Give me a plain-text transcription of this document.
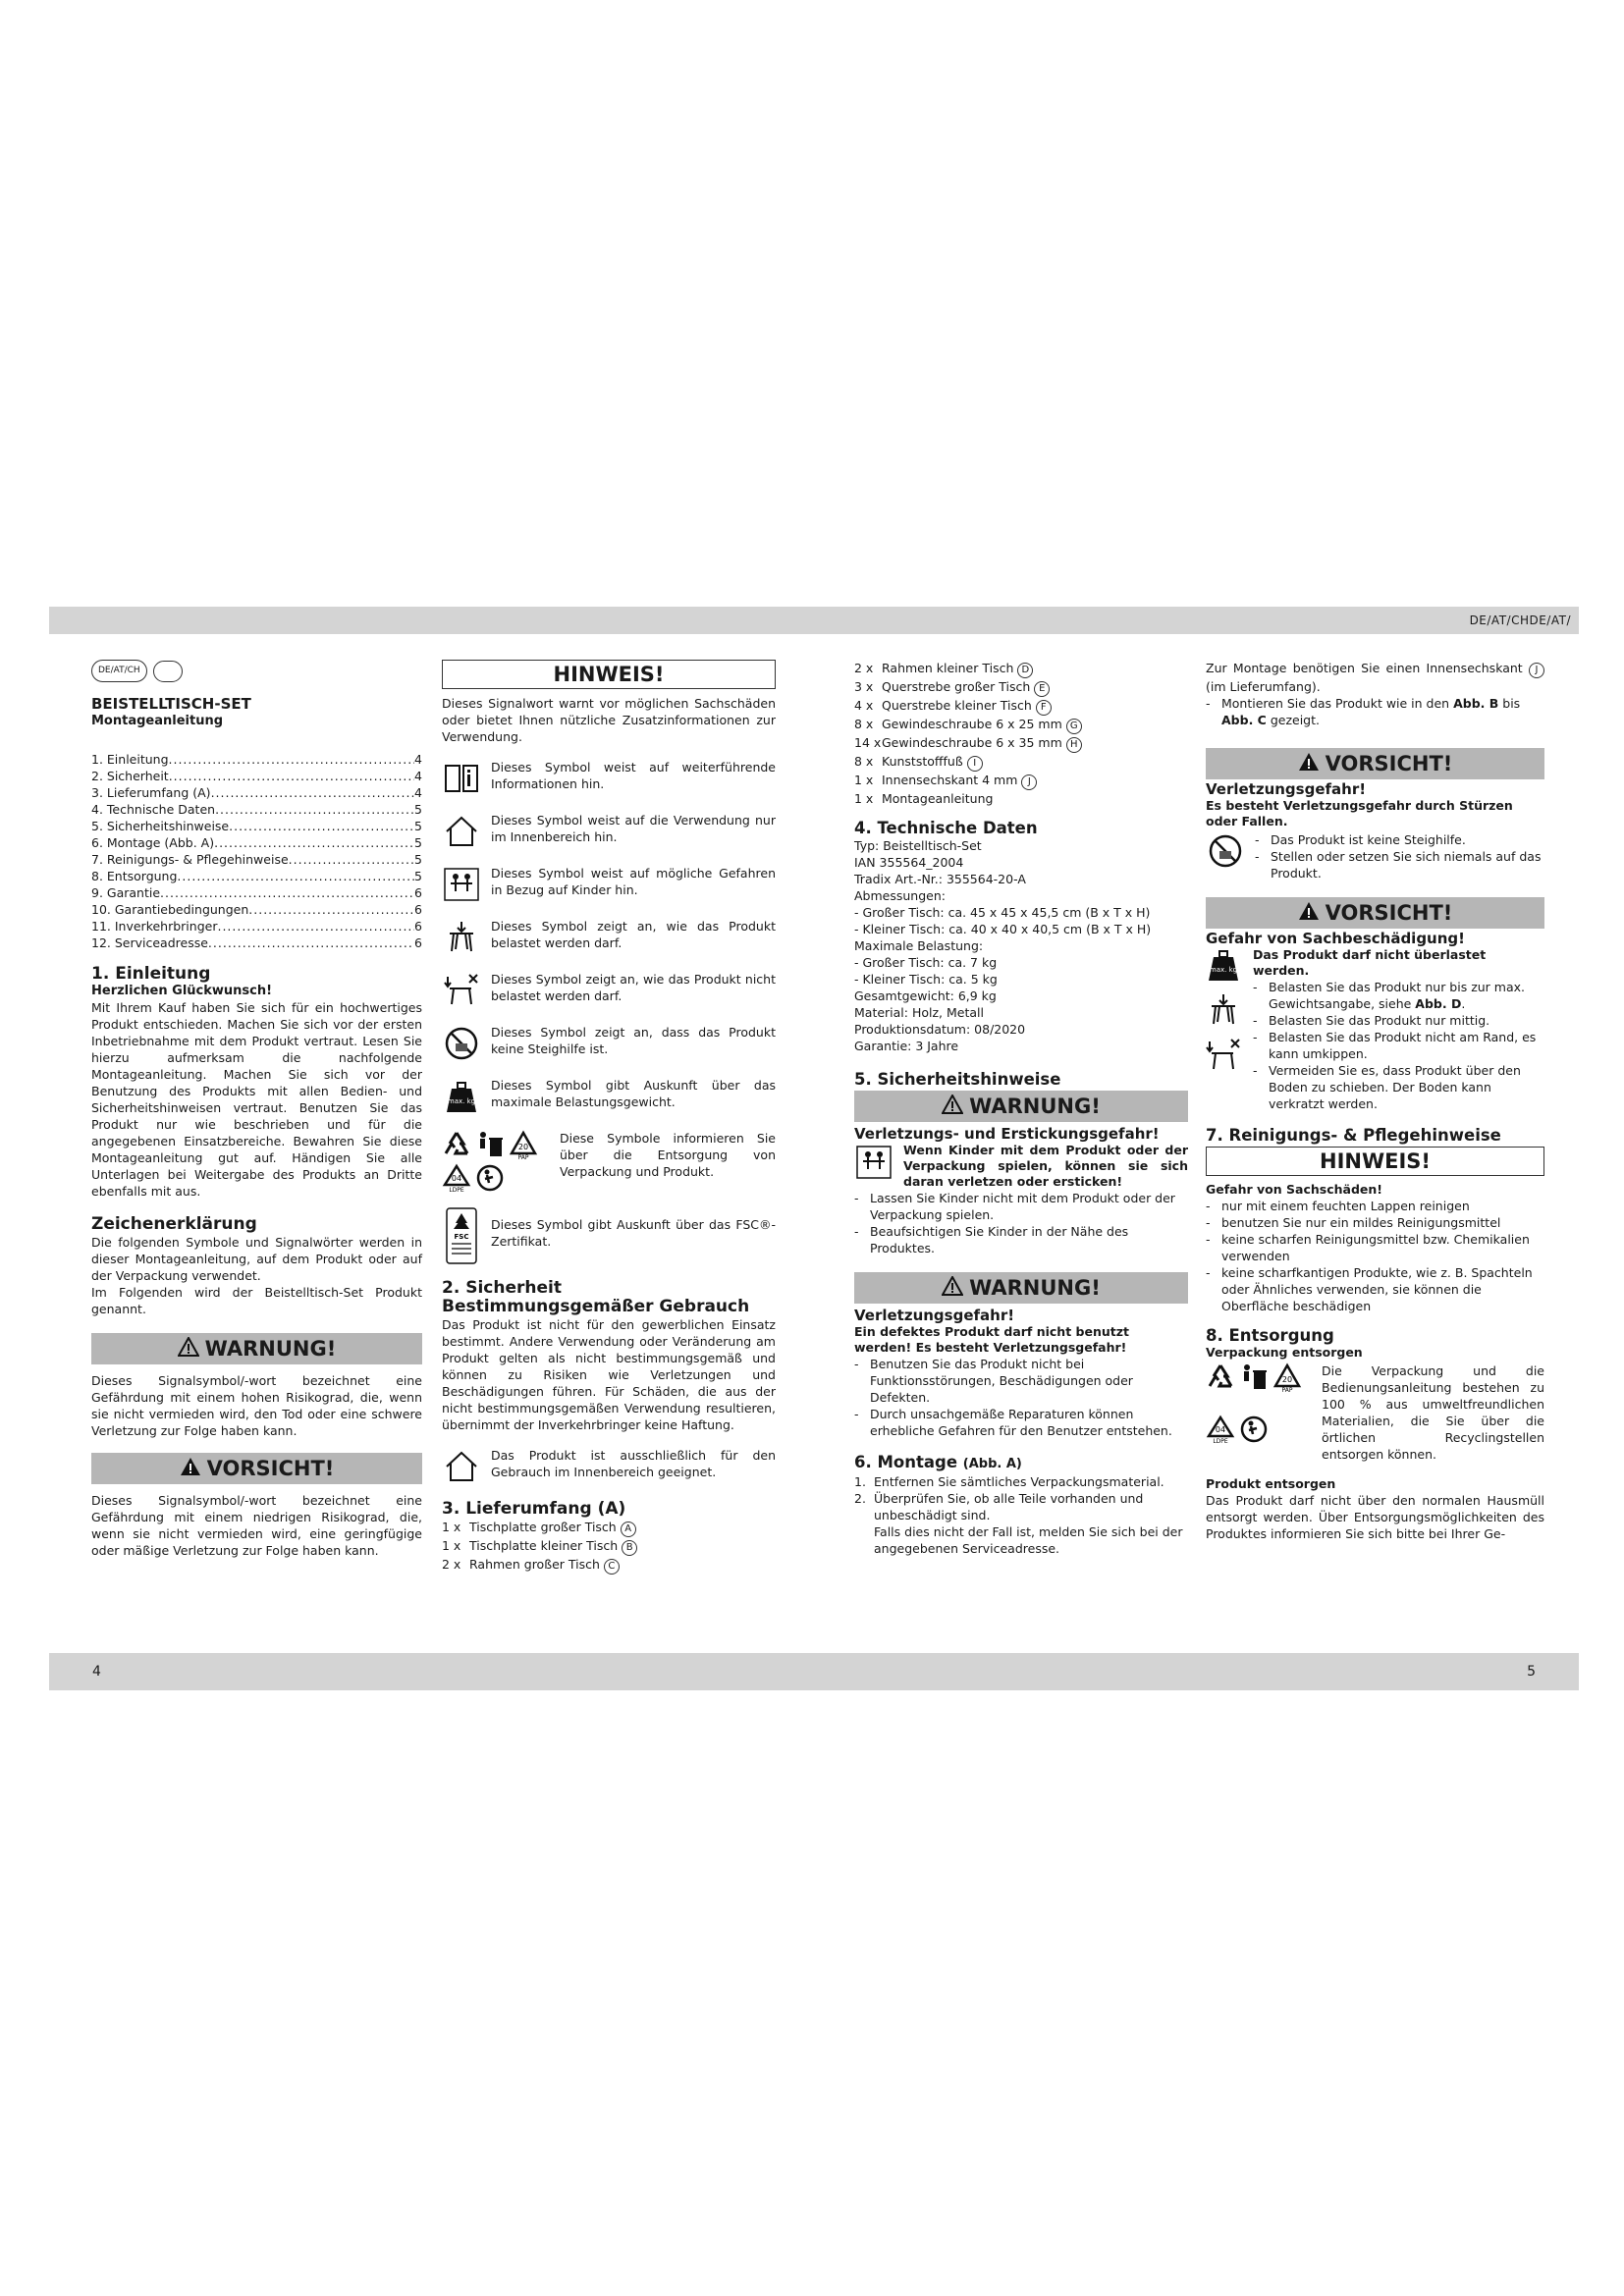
DE/AT/CHDE/AT/
DE/AT/CH
BEISTELLTISCH-SET
Montageanleitung
1. Einleitung .....	4
2. Sicherheit .....	4
3. Lieferumfang (A) .....	4
4. Technische Daten .....	5
5. Sicherheitshinweise .....	5
6. Montage (Abb. A) .....	5
7. Reinigungs- & Pflegehinweise .....	5
8. Entsorgung .....	5
9. Garantie .....	6
10. Garantiebedingungen .....	6
11. Inverkehrbringer .....	6
12. Serviceadresse .....	6
1. Einleitung
Herzlichen Glückwunsch!
Mit Ihrem Kauf haben Sie sich für ein hochwertiges Produkt entschieden. Machen Sie sich vor der ersten Inbetriebnahme mit dem Produkt vertraut. Lesen Sie hierzu aufmerksam die nachfolgende Montageanleitung. Machen Sie sich vor der Benutzung des Produkts mit allen Bedien- und Sicherheitshinweisen vertraut. Benutzen Sie das Produkt nur wie beschrieben und für die angegebenen Einsatzbereiche. Bewahren Sie diese Montageanleitung gut auf. Händigen Sie alle Unterlagen bei Weitergabe des Produkts an Dritte ebenfalls mit aus.
Zeichenerklärung
Die folgenden Symbole und Signalwörter werden in dieser Montageanleitung, auf dem Produkt oder auf der Verpackung verwendet.
Im Folgenden wird der Beistelltisch-Set Produkt genannt.
WARNUNG!
Dieses Signalsymbol/-wort bezeichnet eine Gefährdung mit einem hohen Risikograd, die, wenn sie nicht vermieden wird, den Tod oder eine schwere Verletzung zur Folge haben kann.
VORSICHT!
Dieses Signalsymbol/-wort bezeichnet eine Gefährdung mit einem niedrigen Risikograd, die, wenn sie nicht vermieden wird, eine geringfügige oder mäßige Verletzung zur Folge haben kann.
HINWEIS!
Dieses Signalwort warnt vor möglichen Sachschäden oder bietet Ihnen nützliche Zusatzinformationen zur Verwendung.
Dieses Symbol weist auf weiterführende Informationen hin.
Dieses Symbol weist auf die Verwendung nur im Innenbereich hin.
Dieses Symbol weist auf mögliche Gefahren in Bezug auf Kinder hin.
Dieses Symbol zeigt an, wie das Produkt belastet werden darf.
Dieses Symbol zeigt an, wie das Produkt nicht belastet werden darf.
Dieses Symbol zeigt an, dass das Produkt keine Steighilfe ist.
max. kg
Dieses Symbol gibt Auskunft über das maximale Belastungsgewicht.
20
PAP
04
LDPE
Diese Symbole informieren Sie über die Entsorgung von Verpackung und Produkt.
FSC
Dieses Symbol gibt Auskunft über das FSC®-Zertifikat.
2. Sicherheit
Bestimmungsgemäßer Gebrauch
Das Produkt ist nicht für den gewerblichen Einsatz bestimmt. Andere Verwendung oder Veränderung am Produkt gelten als nicht bestimmungsgemäß und können zu Risiken wie Verletzungen und Beschädigungen führen. Für Schäden, die aus der nicht bestimmungsgemäßen Verwendung resultieren, übernimmt der Inverkehrbringer keine Haftung.
Das Produkt ist ausschließlich für den Gebrauch im Innenbereich geeignet.
3. Lieferumfang (A)
1 x Tischplatte großer Tisch A
1 x Tischplatte kleiner Tisch B
2 x Rahmen großer Tisch C
2 x Rahmen kleiner Tisch D
3 x Querstrebe großer Tisch E
4 x Querstrebe kleiner Tisch F
8 x Gewindeschraube 6 x 25 mm G
14 xGewindeschraube 6 x 35 mm H
8 x Kunststofffuß I
1 x Innensechskant 4 mm J
1 x Montageanleitung
4. Technische Daten
Typ: Beistelltisch-Set
IAN 355564_2004
Tradix Art.-Nr.: 355564-20-A
Abmessungen:
- Großer Tisch: ca. 45 x 45 x 45,5 cm (B x T x H)
- Kleiner Tisch: ca. 40 x 40 x 40,5 cm (B x T x H)
Maximale Belastung:
- Großer Tisch: ca. 7 kg
- Kleiner Tisch: ca. 5 kg
Gesamtgewicht: 6,9 kg
Material: Holz, Metall
Produktionsdatum: 08/2020
Garantie: 3 Jahre
5. Sicherheitshinweise
WARNUNG!
Verletzungs- und Erstickungsgefahr!
Wenn Kinder mit dem Produkt oder der Verpackung spielen, können sie sich daran verletzen oder ersticken!
- Lassen Sie Kinder nicht mit dem Produkt oder der Verpackung spielen.
- Beaufsichtigen Sie Kinder in der Nähe des Produktes.
WARNUNG!
Verletzungsgefahr!
Ein defektes Produkt darf nicht benutzt werden! Es besteht Verletzungsgefahr!
- Benutzen Sie das Produkt nicht bei Funktionsstörungen, Beschädigungen oder Defekten.
- Durch unsachgemäße Reparaturen können erhebliche Gefahren für den Benutzer entstehen.
6. Montage (Abb. A)
1. Entfernen Sie sämtliches Verpackungsmaterial.
2. Überprüfen Sie, ob alle Teile vorhanden und unbeschädigt sind.
Falls dies nicht der Fall ist, melden Sie sich bei der angegebenen Serviceadresse.
Zur Montage benötigen Sie einen Innensechskant J (im Lieferumfang).
- Montieren Sie das Produkt wie in den Abb. B bis Abb. C gezeigt.
VORSICHT!
Verletzungsgefahr!
Es besteht Verletzungsgefahr durch Stürzen oder Fallen.
- Das Produkt ist keine Steighilfe.
- Stellen oder setzen Sie sich niemals auf das Produkt.
VORSICHT!
Gefahr von Sachbeschädigung!
max. kg

Das Produkt darf nicht überlastet werden.
- Belasten Sie das Produkt nur bis zur max. Gewichtsangabe, siehe Abb. D.
- Belasten Sie das Produkt nur mittig.
- Belasten Sie das Produkt nicht am Rand, es kann umkippen.
- Vermeiden Sie es, dass Produkt über den Boden zu schieben. Der Boden kann verkratzt werden.
7. Reinigungs- & Pflegehinweise
HINWEIS!
Gefahr von Sachschäden!
- nur mit einem feuchten Lappen reinigen
- benutzen Sie nur ein mildes Reinigungsmittel
- keine scharfen Reinigungsmittel bzw. Chemikalien verwenden
- keine scharfkantigen Produkte, wie z. B. Spachteln oder Ähnliches verwenden, sie können die Oberfläche beschädigen
8. Entsorgung
Verpackung entsorgen
20
PAP
04
LDPE
Die Verpackung und die Bedienungsanleitung bestehen zu 100 % aus umweltfreundlichen Materialien, die Sie über die örtlichen Recyclingstellen entsorgen können.
Produkt entsorgen
Das Produkt darf nicht über den normalen Hausmüll entsorgt werden. Über Entsorgungsmöglichkeiten des Produktes informieren Sie sich bitte bei Ihrer Ge-
4	5
